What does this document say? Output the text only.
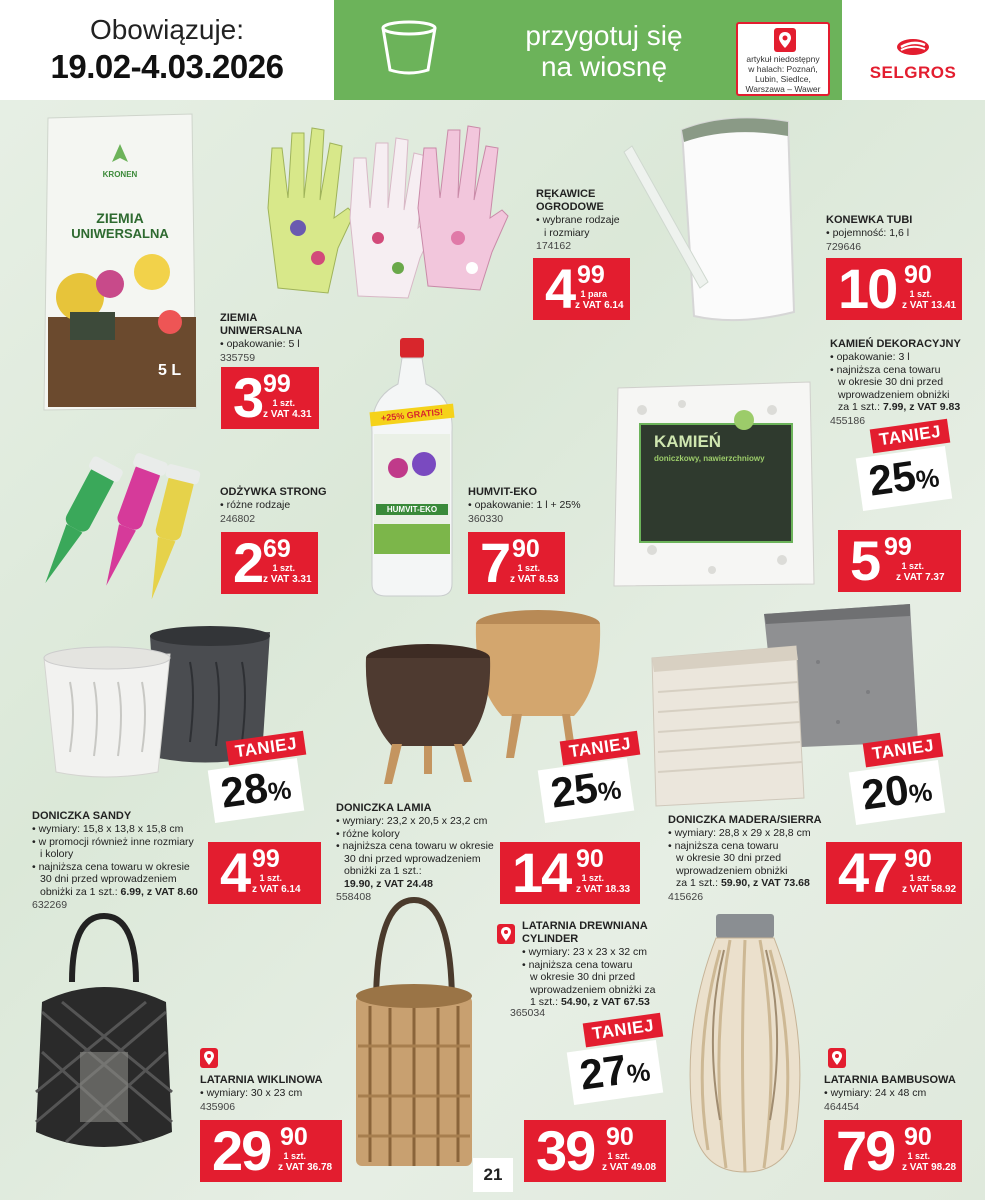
Obowiązuje:
19.02-4.03.2026
przygotuj się
na wiosnę	artykuł niedostępny
w halach: Poznań,
Lubin, Siedlce,
Warszawa – Wawer
SELGROS
KRONEN
ZIEMIA
UNIWERSALNA
5 L
ZIEMIA
UNIWERSALNA
• opakowanie: 5 l
335759
3 99
1 szt.
z VAT 4.31
RĘKAWICE
OGRODOWE
• wybrane rodzaje
i rozmiary
174162
4 99
1 para
z VAT 6.14
KONEWKA TUBI
• pojemność: 1,6 l
729646
10 90
1 szt.
z VAT 13.41
KAMIEŃ DEKORACYJNY
• opakowanie: 3 l
• najniższa cena towaru
w okresie 30 dni przed
wprowadzeniem obniżki
za 1 szt.: 7.99, z VAT 9.83
455186
KAMIEŃ
doniczkowy, nawierzchniowy
TANIEJ
25%
5 99
1 szt.
z VAT 7.37
ODŻYWKA STRONG
• różne rodzaje
246802
2 69
1 szt.
z VAT 3.31
+25% GRATIS!
HUMVIT-EKO
HUMVIT-EKO
• opakowanie: 1 l + 25%
360330
7 90
1 szt.
z VAT 8.53
TANIEJ
28%
DONICZKA SANDY
• wymiary: 15,8 x 13,8 x 15,8 cm
• w promocji również inne rozmiary
i kolory
• najniższa cena towaru w okresie
30 dni przed wprowadzeniem
obniżki za 1 szt.: 6.99, z VAT 8.60
632269
4 99
1 szt.
z VAT 6.14
TANIEJ
25%
DONICZKA LAMIA
• wymiary: 23,2 x 20,5 x 23,2 cm
• różne kolory
• najniższa cena towaru w okresie
30 dni przed wprowadzeniem
obniżki za 1 szt.:
19.90, z VAT 24.48
558408	14 90
1 szt.
z VAT 18.33
TANIEJ
20%
DONICZKA MADERA/SIERRA
• wymiary: 28,8 x 29 x 28,8 cm
• najniższa cena towaru
w okresie 30 dni przed
wprowadzeniem obniżki
za 1 szt.: 59.90, z VAT 73.68
415626	47 90
1 szt.
z VAT 58.92
LATARNIA WIKLINOWA
• wymiary: 30 x 23 cm
435906
29 90
1 szt.
z VAT 36.78
LATARNIA DREWNIANA
CYLINDER
• wymiary: 23 x 23 x 32 cm
• najniższa cena towaru
w okresie 30 dni przed
wprowadzeniem obniżki za
1 szt.: 54.90, z VAT 67.53
365034
TANIEJ
27%
39 90
1 szt.
z VAT 49.08
LATARNIA BAMBUSOWA
• wymiary: 24 x 48 cm
464454
79 90
1 szt.
z VAT 98.28
21
